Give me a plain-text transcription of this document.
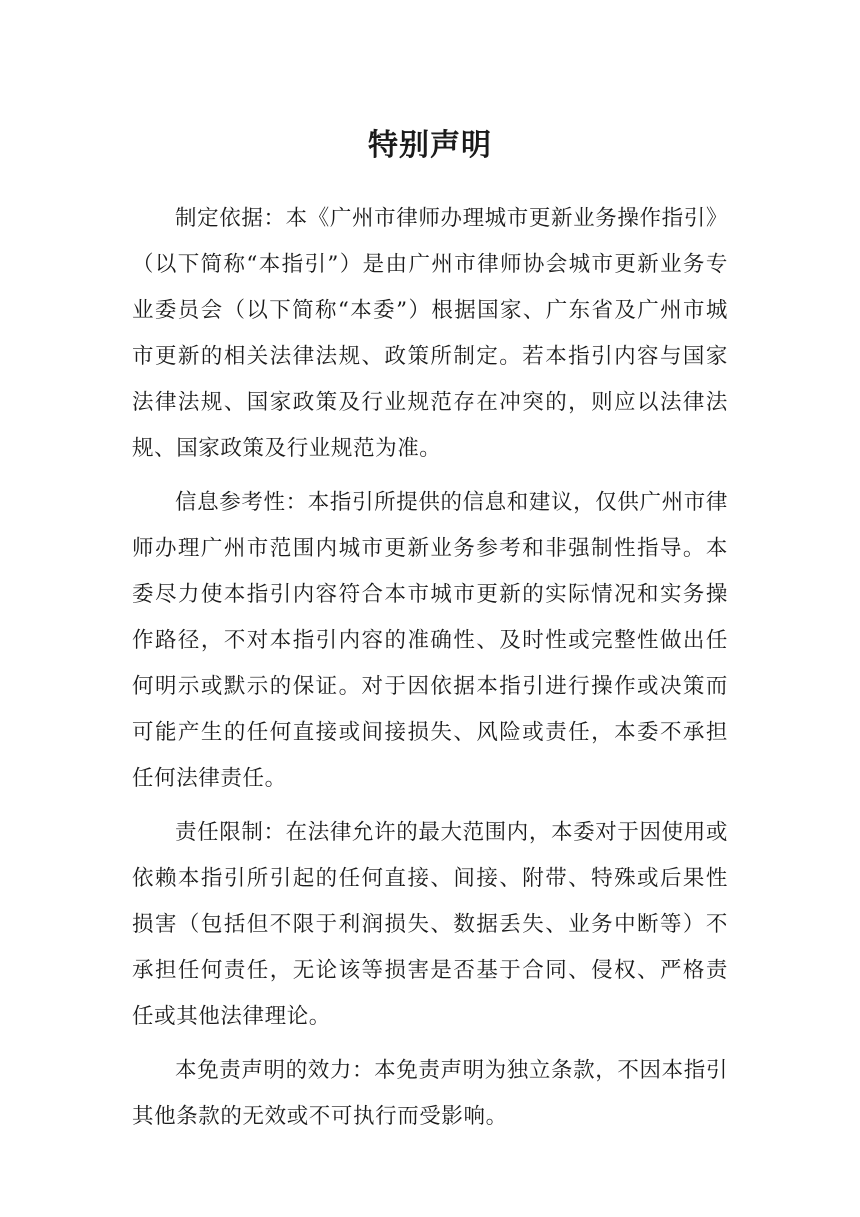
特别声明

制定依据：本《广州市律师办理城市更新业务操作指引》（以下简称“本指引”）是由广州市律师协会城市更新业务专业委员会（以下简称“本委”）根据国家、广东省及广州市城市更新的相关法律法规、政策所制定。若本指引内容与国家法律法规、国家政策及行业规范存在冲突的，则应以法律法规、国家政策及行业规范为准。

信息参考性：本指引所提供的信息和建议，仅供广州市律师办理广州市范围内城市更新业务参考和非强制性指导。本委尽力使本指引内容符合本市城市更新的实际情况和实务操作路径，不对本指引内容的准确性、及时性或完整性做出任何明示或默示的保证。对于因依据本指引进行操作或决策而可能产生的任何直接或间接损失、风险或责任，本委不承担任何法律责任。

责任限制：在法律允许的最大范围内，本委对于因使用或依赖本指引所引起的任何直接、间接、附带、特殊或后果性损害（包括但不限于利润损失、数据丢失、业务中断等）不承担任何责任，无论该等损害是否基于合同、侵权、严格责任或其他法律理论。

本免责声明的效力：本免责声明为独立条款，不因本指引其他条款的无效或不可执行而受影响。
